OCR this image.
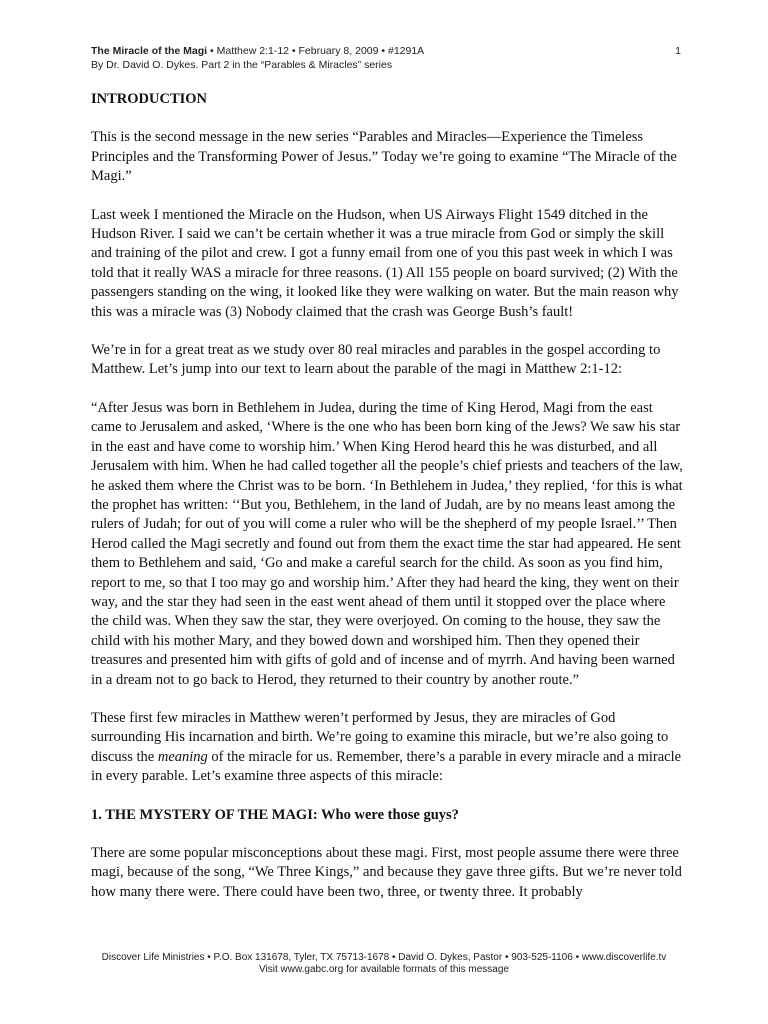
The Miracle of the Magi • Matthew 2:1-12 • February 8, 2009 • #1291A	1
By Dr. David O. Dykes. Part 2 in the “Parables & Miracles” series
INTRODUCTION

This is the second message in the new series “Parables and Miracles—Experience the Timeless Principles and the Transforming Power of Jesus.” Today we’re going to examine “The Miracle of the Magi.”

Last week I mentioned the Miracle on the Hudson, when US Airways Flight 1549 ditched in the Hudson River. I said we can’t be certain whether it was a true miracle from God or simply the skill and training of the pilot and crew. I got a funny email from one of you this past week in which I was told that it really WAS a miracle for three reasons. (1) All 155 people on board survived; (2) With the passengers standing on the wing, it looked like they were walking on water. But the main reason why this was a miracle was (3) Nobody claimed that the crash was George Bush’s fault!

We’re in for a great treat as we study over 80 real miracles and parables in the gospel according to Matthew. Let’s jump into our text to learn about the parable of the magi in Matthew 2:1-12:

“After Jesus was born in Bethlehem in Judea, during the time of King Herod, Magi from the east came to Jerusalem and asked, ‘Where is the one who has been born king of the Jews? We saw his star in the east and have come to worship him.’ When King Herod heard this he was disturbed, and all Jerusalem with him. When he had called together all the people’s chief priests and teachers of the law, he asked them where the Christ was to be born. ‘In Bethlehem in Judea,’ they replied, ‘for this is what the prophet has written: ‘‘But you, Bethlehem, in the land of Judah, are by no means least among the rulers of Judah; for out of you will come a ruler who will be the shepherd of my people Israel.’’ Then Herod called the Magi secretly and found out from them the exact time the star had appeared. He sent them to Bethlehem and said, ‘Go and make a careful search for the child. As soon as you find him, report to me, so that I too may go and worship him.’ After they had heard the king, they went on their way, and the star they had seen in the east went ahead of them until it stopped over the place where the child was. When they saw the star, they were overjoyed. On coming to the house, they saw the child with his mother Mary, and they bowed down and worshiped him. Then they opened their treasures and presented him with gifts of gold and of incense and of myrrh. And having been warned in a dream not to go back to Herod, they returned to their country by another route.”

These first few miracles in Matthew weren’t performed by Jesus, they are miracles of God surrounding His incarnation and birth. We’re going to examine this miracle, but we’re also going to discuss the meaning of the miracle for us. Remember, there’s a parable in every miracle and a miracle in every parable. Let’s examine three aspects of this miracle:

1. THE MYSTERY OF THE MAGI: Who were those guys?

There are some popular misconceptions about these magi. First, most people assume there were three magi, because of the song, “We Three Kings,” and because they gave three gifts. But we’re never told how many there were. There could have been two, three, or twenty three. It probably

Discover Life Ministries • P.O. Box 131678, Tyler, TX 75713-1678 • David O. Dykes, Pastor • 903-525-1106 • www.discoverlife.tv
Visit www.gabc.org for available formats of this message
